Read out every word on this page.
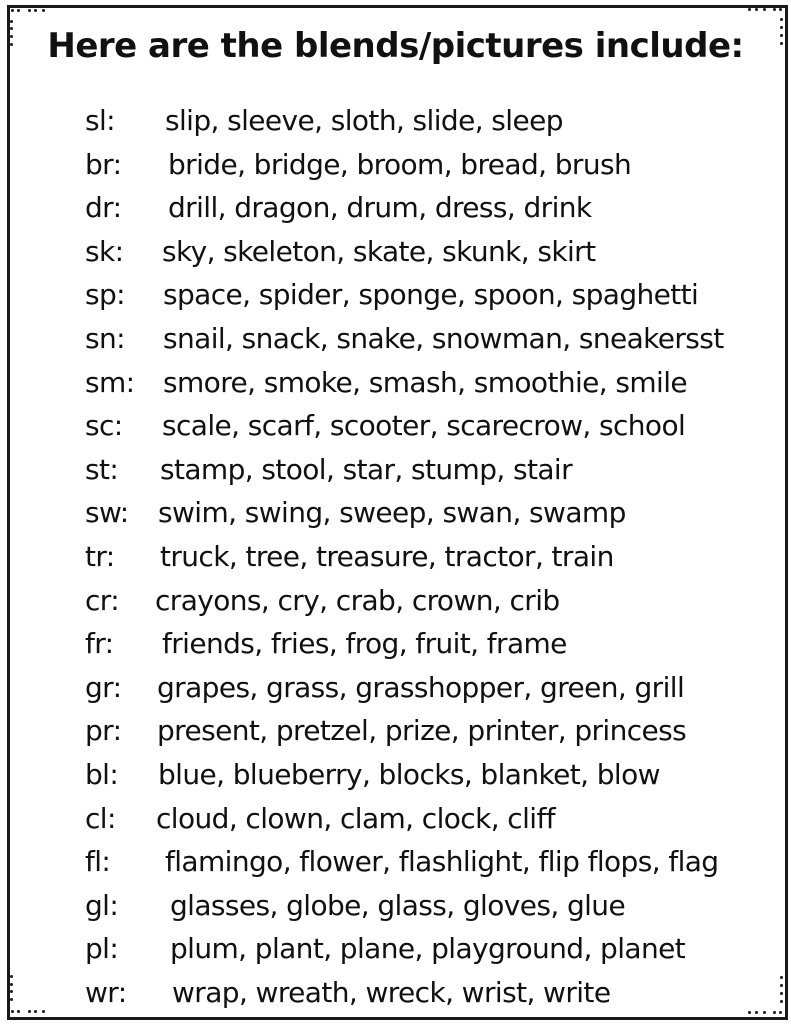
Here are the blends/pictures include:
sl: slip, sleeve, sloth, slide, sleep
br: bride, bridge, broom, bread, brush
dr: drill, dragon, drum, dress, drink
sk: sky, skeleton, skate, skunk, skirt
sp: space, spider, sponge, spoon, spaghetti
sn: snail, snack, snake, snowman, sneakersst
sm: smore, smoke, smash, smoothie, smile
sc: scale, scarf, scooter, scarecrow, school
st: stamp, stool, star, stump, stair
sw: swim, swing, sweep, swan, swamp
tr: truck, tree, treasure, tractor, train
cr: crayons, cry, crab, crown, crib
fr: friends, fries, frog, fruit, frame
gr: grapes, grass, grasshopper, green, grill
pr: present, pretzel, prize, printer, princess
bl: blue, blueberry, blocks, blanket, blow
cl: cloud, clown, clam, clock, cliff
fl: flamingo, flower, flashlight, flip flops, flag
gl: glasses, globe, glass, gloves, glue
pl: plum, plant, plane, playground, planet
wr: wrap, wreath, wreck, wrist, write
